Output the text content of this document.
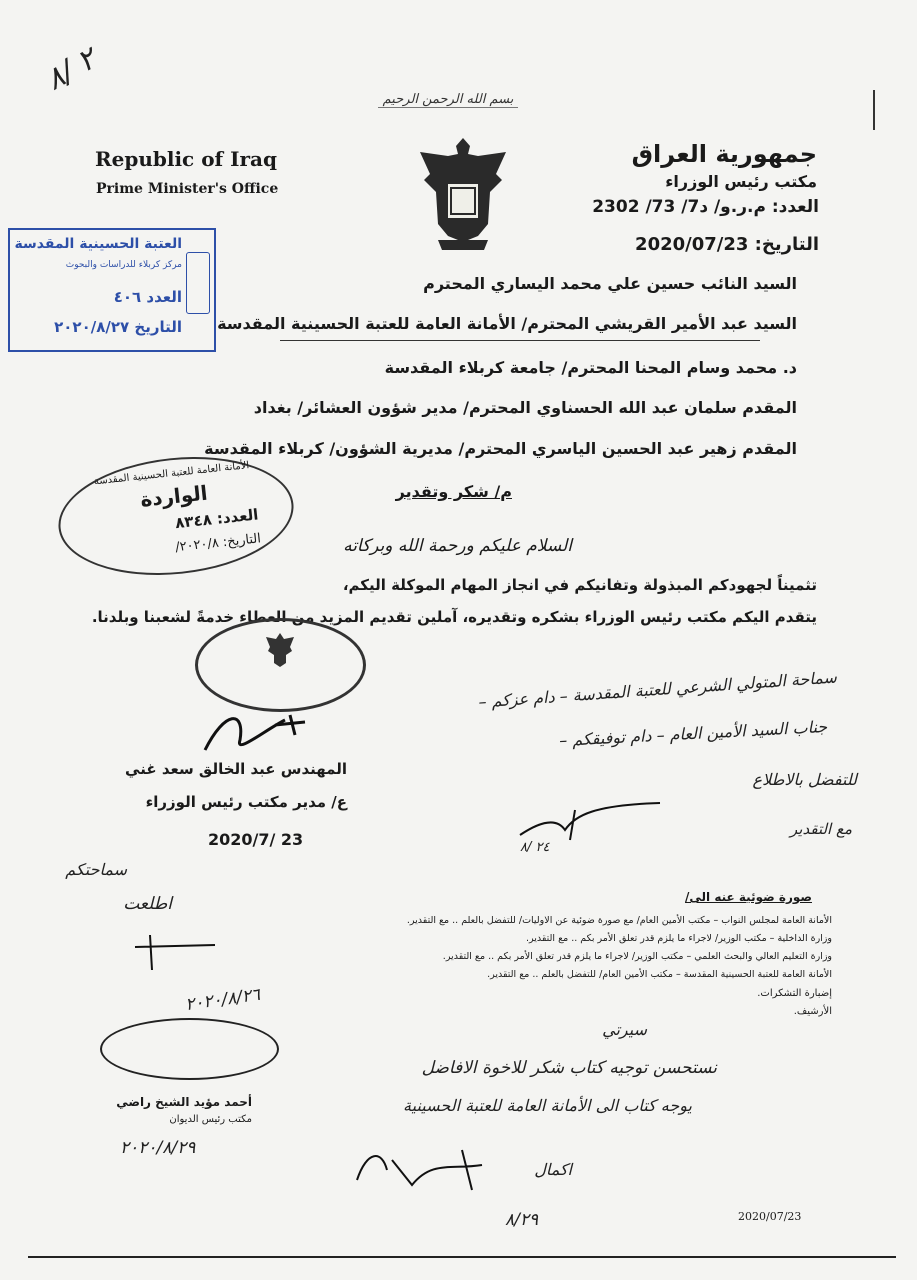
٢ /٨
بسم الله الرحمن الرحيم
Republic of Iraq
Prime Minister's Office
جمهورية العراق
مكتب رئيس الوزراء
العدد: م.ر.و/ د7/ 73/ 2302
التاريخ: 2020/07/23
العتبة الحسينية المقدسة
مركز كربلاء للدراسات والبحوث
العدد ٤٠٦
التاريخ ٢٠٢٠/٨/٢٧
السيد النائب حسين علي محمد اليساري المحترم
السيد عبد الأمير القريشي المحترم/ الأمانة العامة للعتبة الحسينية المقدسة
د. محمد وسام المحنا المحترم/ جامعة كربلاء المقدسة
المقدم سلمان عبد الله الحسناوي المحترم/ مدير شؤون العشائر/ بغداد
المقدم زهير عبد الحسين الياسري المحترم/ مديرية الشؤون/ كربلاء المقدسة
الأمانة العامة للعتبة الحسينية المقدسة
الواردة
العدد: ٨٣٤٨
التاريخ: ٢٠٢٠/٨/
م/ شكر وتقدير
السلام عليكم ورحمة الله وبركاته
تثميناً لجهودكم المبذولة وتفانيكم في انجاز المهام الموكلة اليكم،
يتقدم اليكم مكتب رئيس الوزراء بشكره وتقديره، آملين تقديم المزيد من العطاء خدمةً لشعبنا وبلدنا.
المهندس عبد الخالق سعد غني
ع/ مدير مكتب رئيس الوزراء
2020/7/ 23
سماحة المتولي الشرعي للعتبة المقدسة – دام عزكم –
جناب السيد الأمين العام – دام توفيقكم –
للتفضل بالاطلاع
مع التقدير
٢٤ /٨
سماحتكم
اطلعت
٢٠٢٠/٨/٢٦
صورة ضوئية عنه الى/
الأمانة العامة لمجلس النواب – مكتب الأمين العام/ مع صورة ضوئية عن الاوليات/ للتفضل بالعلم .. مع التقدير.
وزارة الداخلية – مكتب الوزير/ لاجراء ما يلزم قدر تعلق الأمر بكم .. مع التقدير.
وزارة التعليم العالي والبحث العلمي – مكتب الوزير/ لاجراء ما يلزم قدر تعلق الأمر بكم .. مع التقدير.
الأمانة العامة للعتبة الحسينية المقدسة – مكتب الأمين العام/ للتفضل بالعلم .. مع التقدير.
إضبارة التشكرات.
الأرشيف.
سيرتي
نستحسن توجيه كتاب شكر للاخوة الافاضل
يوجه كتاب الى الأمانة العامة للعتبة الحسينية
اكمال
٨/٢٩
أحمد مؤيد الشيخ راضي
مكتب رئيس الديوان
٢٠٢٠/٨/٢٩
2020/07/23
